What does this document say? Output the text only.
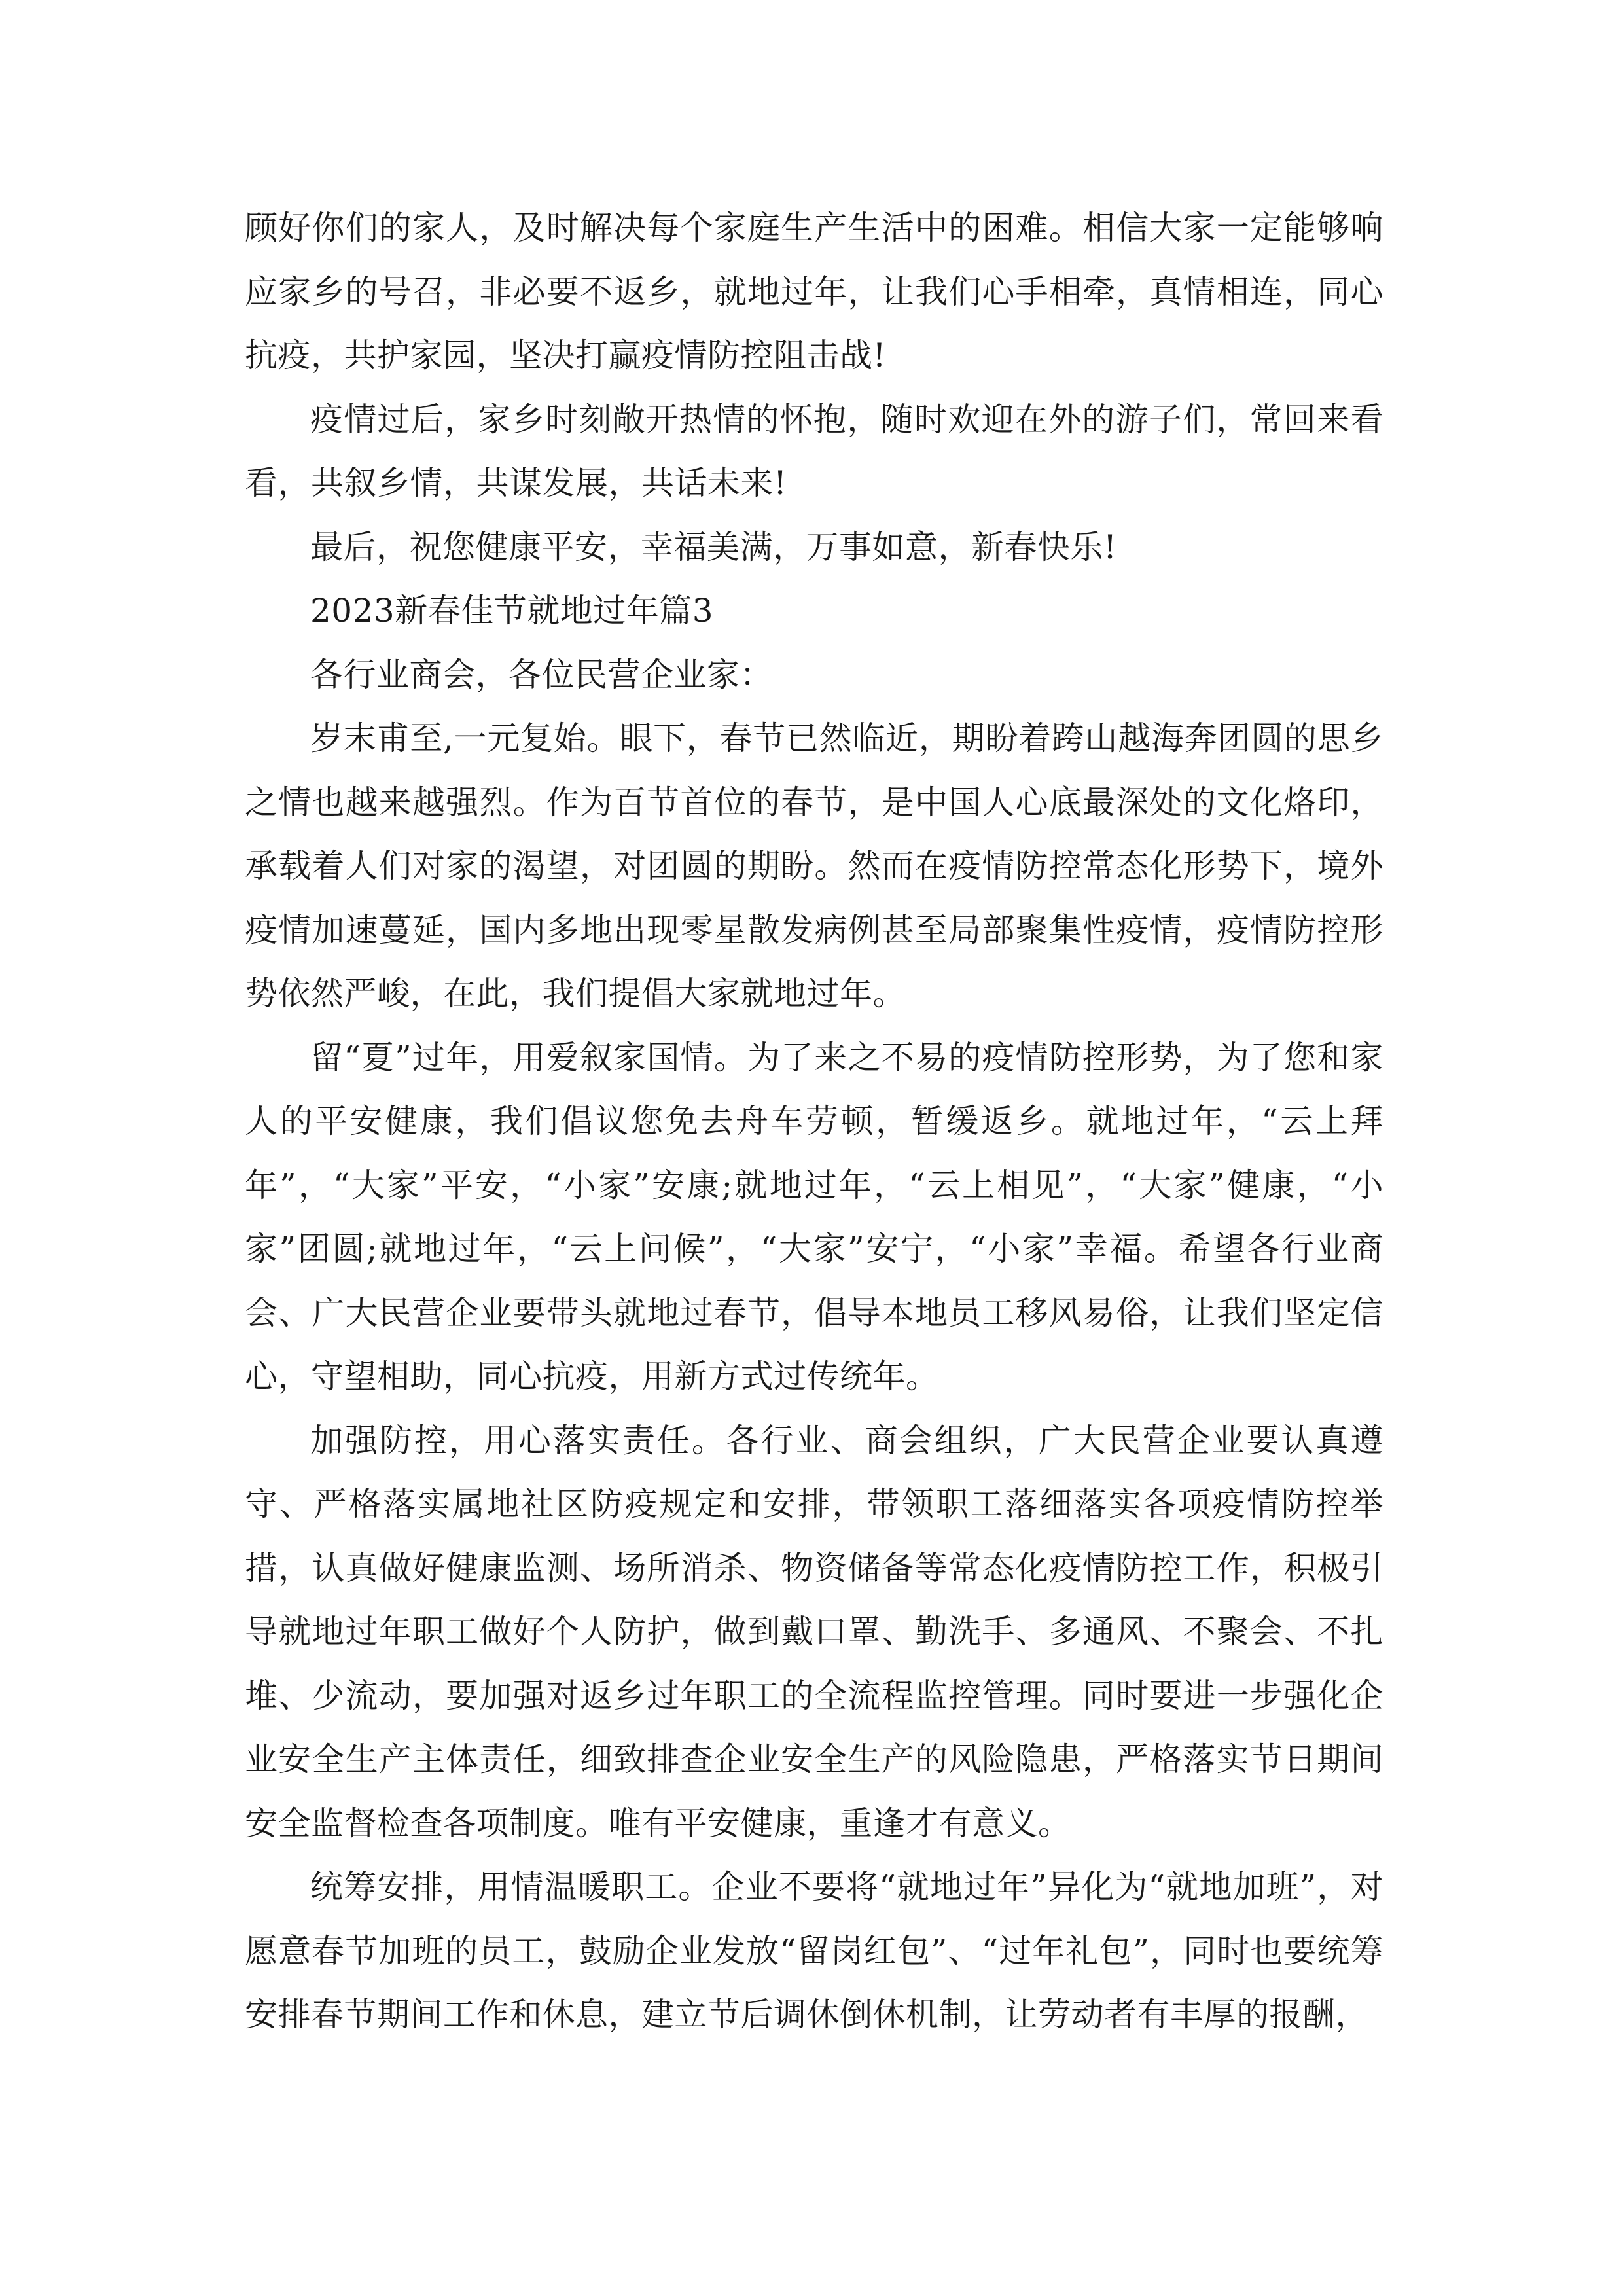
顾好你们的家人，及时解决每个家庭生产生活中的困难。相信大家一定能够响应家乡的号召，非必要不返乡，就地过年，让我们心手相牵，真情相连，同心抗疫，共护家园，坚决打赢疫情防控阻击战!

疫情过后，家乡时刻敞开热情的怀抱，随时欢迎在外的游子们，常回来看看，共叙乡情，共谋发展，共话未来!

最后，祝您健康平安，幸福美满，万事如意，新春快乐!

2023新春佳节就地过年篇3

各行业商会，各位民营企业家：

岁末甫至,一元复始。眼下，春节已然临近，期盼着跨山越海奔团圆的思乡之情也越来越强烈。作为百节首位的春节，是中国人心底最深处的文化烙印，承载着人们对家的渴望，对团圆的期盼。然而在疫情防控常态化形势下，境外疫情加速蔓延，国内多地出现零星散发病例甚至局部聚集性疫情，疫情防控形势依然严峻，在此，我们提倡大家就地过年。

留“夏”过年，用爱叙家国情。为了来之不易的疫情防控形势，为了您和家人的平安健康，我们倡议您免去舟车劳顿，暂缓返乡。就地过年，“云上拜年”，“大家”平安，“小家”安康;就地过年，“云上相见”，“大家”健康，“小家”团圆;就地过年，“云上问候”，“大家”安宁，“小家”幸福。希望各行业商会、广大民营企业要带头就地过春节，倡导本地员工移风易俗，让我们坚定信心，守望相助，同心抗疫，用新方式过传统年。

加强防控，用心落实责任。各行业、商会组织，广大民营企业要认真遵守、严格落实属地社区防疫规定和安排，带领职工落细落实各项疫情防控举措，认真做好健康监测、场所消杀、物资储备等常态化疫情防控工作，积极引导就地过年职工做好个人防护，做到戴口罩、勤洗手、多通风、不聚会、不扎堆、少流动，要加强对返乡过年职工的全流程监控管理。同时要进一步强化企业安全生产主体责任，细致排查企业安全生产的风险隐患，严格落实节日期间安全监督检查各项制度。唯有平安健康，重逢才有意义。

统筹安排，用情温暖职工。企业不要将“就地过年”异化为“就地加班”，对愿意春节加班的员工，鼓励企业发放“留岗红包”、“过年礼包”，同时也要统筹安排春节期间工作和休息，建立节后调休倒休机制，让劳动者有丰厚的报酬，
